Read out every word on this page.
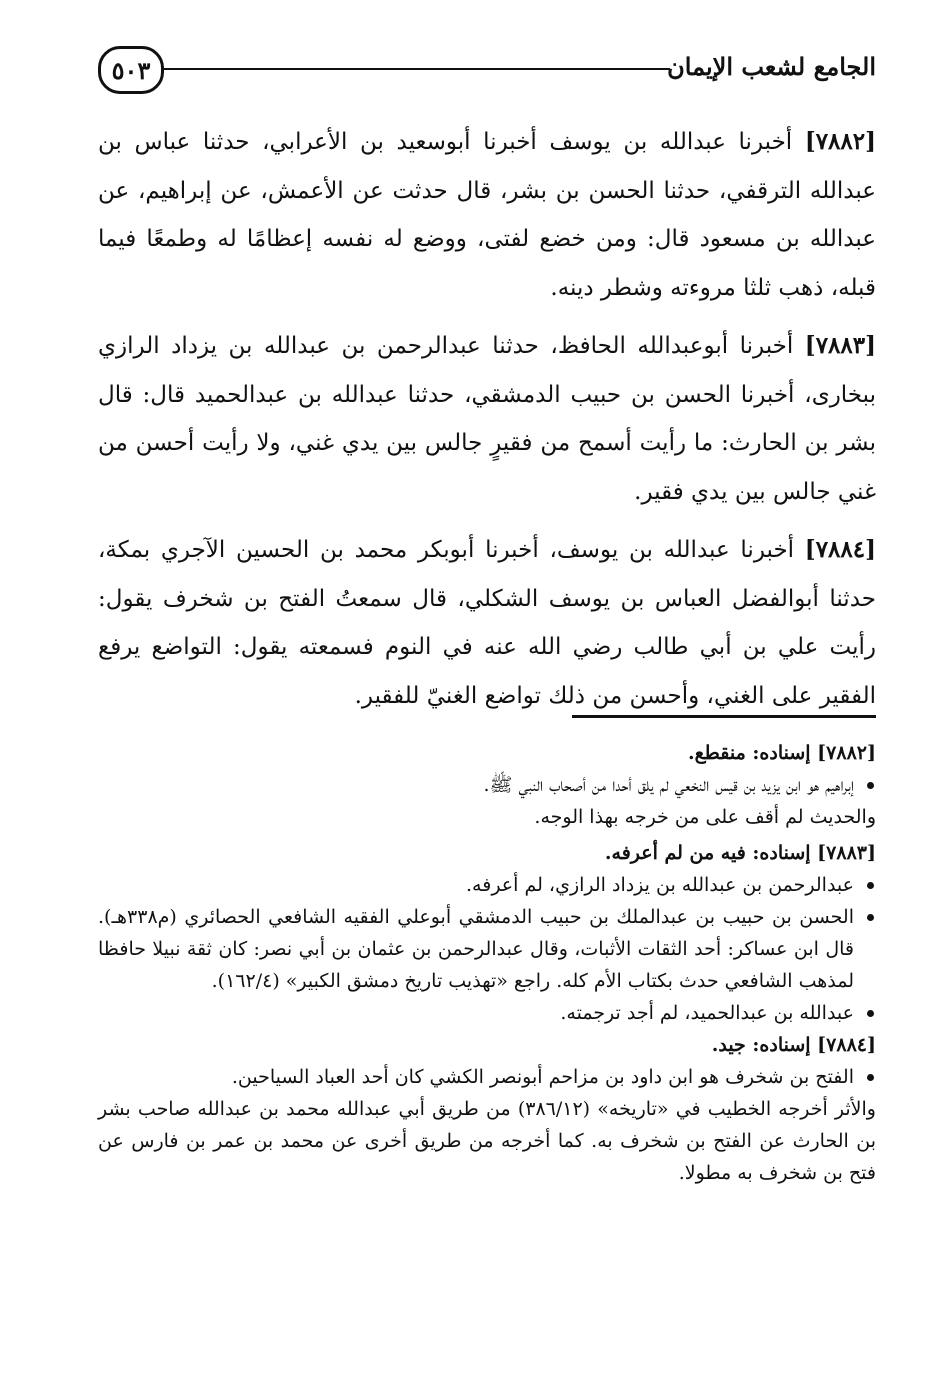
٥٠٣	الجامع لشعب الإيمان

[٧٨٨٢] أخبرنا عبدالله بن يوسف أخبرنا أبوسعيد بن الأعرابي، حدثنا عباس بن عبدالله الترقفي، حدثنا الحسن بن بشر، قال حدثت عن الأعمش، عن إبراهيم، عن عبدالله بن مسعود قال: ومن خضع لفتى، ووضع له نفسه إعظامًا له وطمعًا فيما قبله، ذهب ثلثا مروءته وشطر دينه.

[٧٨٨٣] أخبرنا أبوعبدالله الحافظ، حدثنا عبدالرحمن بن عبدالله بن يزداد الرازي ببخارى، أخبرنا الحسن بن حبيب الدمشقي، حدثنا عبدالله بن عبدالحميد قال: قال بشر بن الحارث: ما رأيت أسمح من فقيرٍ جالس بين يدي غني، ولا رأيت أحسن من غني جالس بين يدي فقير.

[٧٨٨٤] أخبرنا عبدالله بن يوسف، أخبرنا أبوبكر محمد بن الحسين الآجري بمكة، حدثنا أبوالفضل العباس بن يوسف الشكلي، قال سمعتُ الفتح بن شخرف يقول: رأيت علي بن أبي طالب رضي الله عنه في النوم فسمعته يقول: التواضع يرفع الفقير على الغني، وأحسن من ذلك تواضع الغنيّ للفقير.

[٧٨٨٢] إسناده: منقطع.

إبراهيم هو ابن يزيد بن قيس النخعي لم يلق أحدا من أصحاب النبي ﷺ.

والحديث لم أقف على من خرجه بهذا الوجه.

[٧٨٨٣] إسناده: فيه من لم أعرفه.

عبدالرحمن بن عبدالله بن يزداد الرازي، لم أعرفه.

الحسن بن حبيب بن عبدالملك بن حبيب الدمشقي أبوعلي الفقيه الشافعي الحصائري (م٣٣٨هـ). قال ابن عساكر: أحد الثقات الأثبات، وقال عبدالرحمن بن عثمان بن أبي نصر: كان ثقة نبيلا حافظا لمذهب الشافعي حدث بكتاب الأم كله. راجع «تهذيب تاريخ دمشق الكبير» (١٦٢/٤).

عبدالله بن عبدالحميد، لم أجد ترجمته.

[٧٨٨٤] إسناده: جيد.

الفتح بن شخرف هو ابن داود بن مزاحم أبونصر الكشي كان أحد العباد السياحين.

والأثر أخرجه الخطيب في «تاريخه» (٣٨٦/١٢) من طريق أبي عبدالله محمد بن عبدالله صاحب بشر بن الحارث عن الفتح بن شخرف به. كما أخرجه من طريق أخرى عن محمد بن عمر بن فارس عن فتح بن شخرف به مطولا.
